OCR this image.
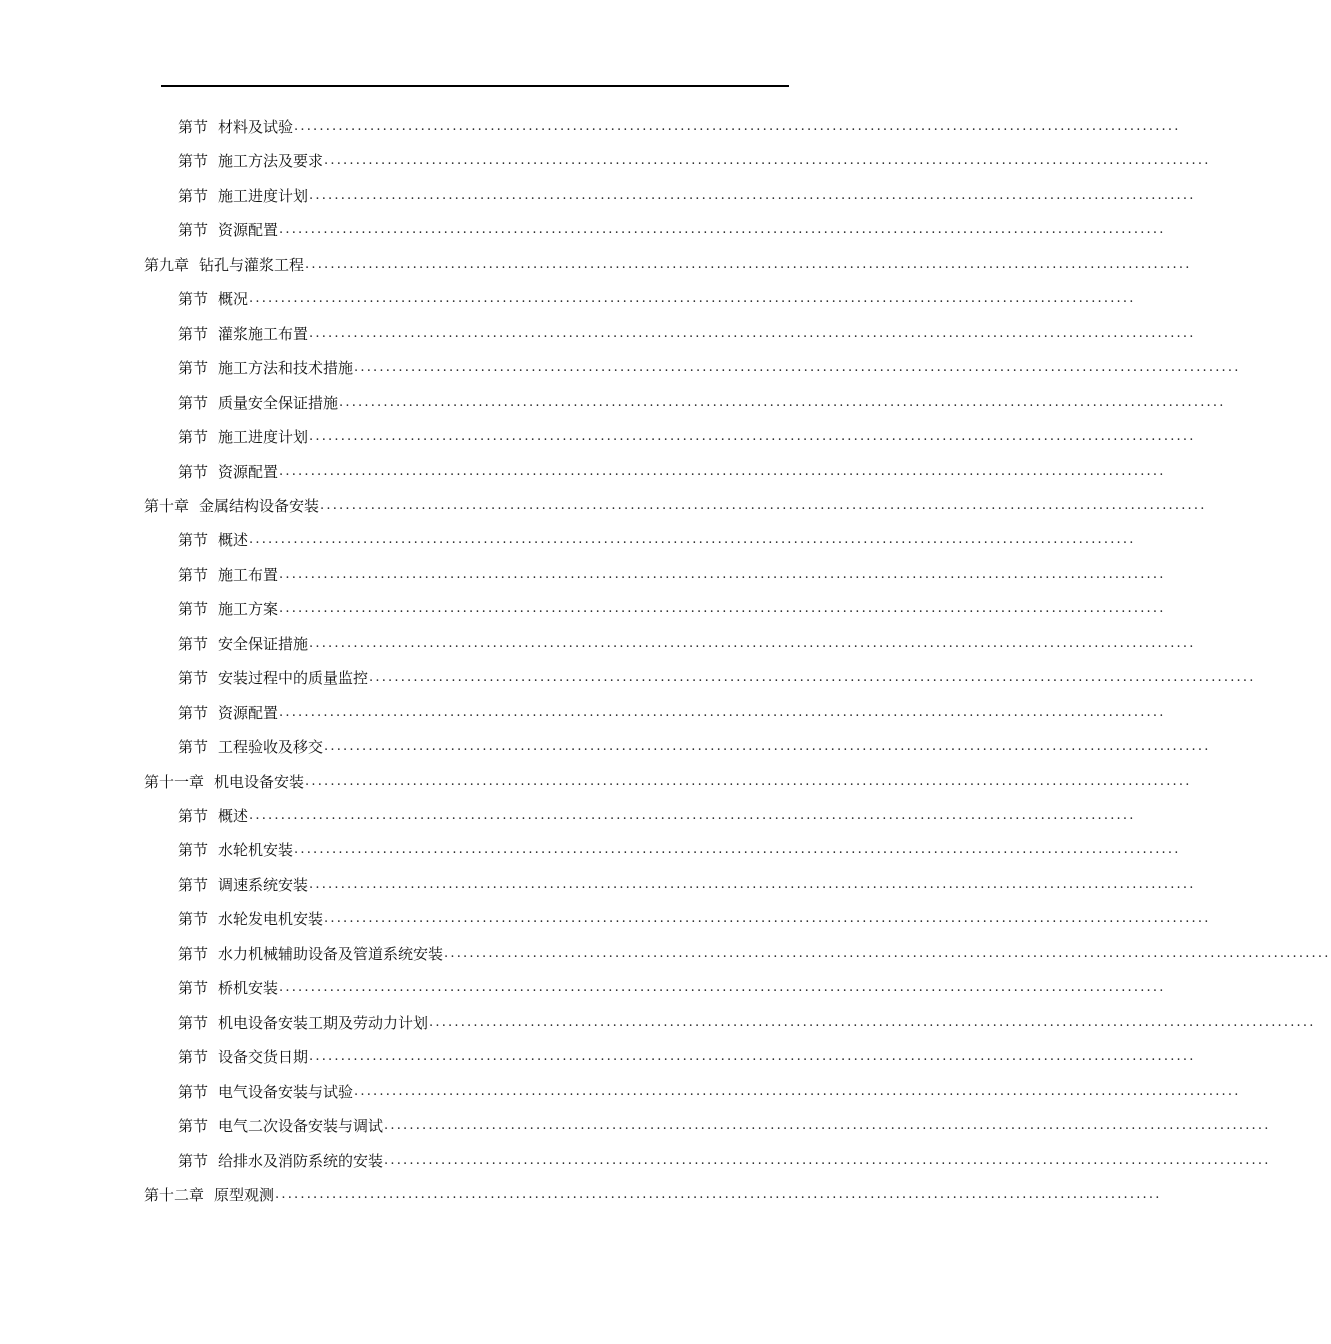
第节 材料及试验 ............................................................................................................................................
第节 施工方法及要求 ............................................................................................................................................
第节 施工进度计划 ............................................................................................................................................
第节 资源配置 ............................................................................................................................................
第九章 钻孔与灌浆工程 ............................................................................................................................................
第节 概况 ............................................................................................................................................
第节 灌浆施工布置 ............................................................................................................................................
第节 施工方法和技术措施 ............................................................................................................................................
第节 质量安全保证措施 ............................................................................................................................................
第节 施工进度计划 ............................................................................................................................................
第节 资源配置 ............................................................................................................................................
第十章 金属结构设备安装 ............................................................................................................................................
第节 概述 ............................................................................................................................................
第节 施工布置 ............................................................................................................................................
第节 施工方案 ............................................................................................................................................
第节 安全保证措施 ............................................................................................................................................
第节 安装过程中的质量监控 ............................................................................................................................................
第节 资源配置 ............................................................................................................................................
第节 工程验收及移交 ............................................................................................................................................
第十一章 机电设备安装 ............................................................................................................................................
第节 概述 ............................................................................................................................................
第节 水轮机安装 ............................................................................................................................................
第节 调速系统安装 ............................................................................................................................................
第节 水轮发电机安装 ............................................................................................................................................
第节 水力机械辅助设备及管道系统安装 ............................................................................................................................................
第节 桥机安装 ............................................................................................................................................
第节 机电设备安装工期及劳动力计划 ............................................................................................................................................
第节 设备交货日期 ............................................................................................................................................
第节 电气设备安装与试验 ............................................................................................................................................
第节 电气二次设备安装与调试 ............................................................................................................................................
第节 给排水及消防系统的安装 ............................................................................................................................................
第十二章 原型观测 ............................................................................................................................................
